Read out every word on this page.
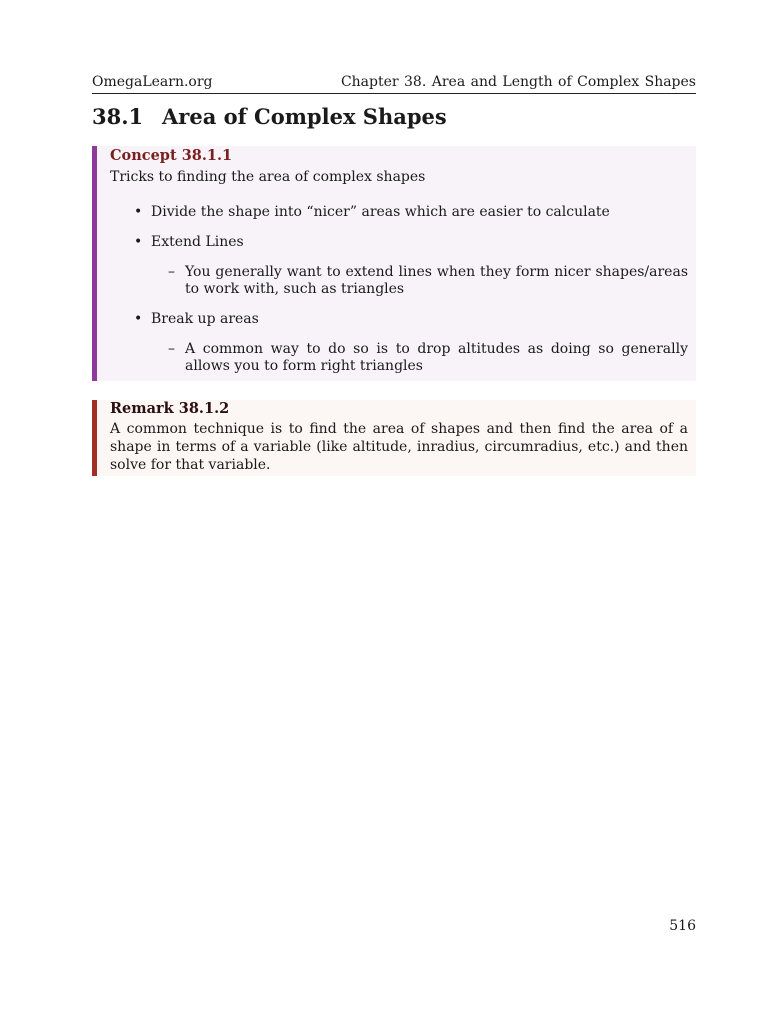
OmegaLearn.org	Chapter 38. Area and Length of Complex Shapes
38.1 Area of Complex Shapes
Concept 38.1.1
Tricks to finding the area of complex shapes
• Divide the shape into “nicer” areas which are easier to calculate
• Extend Lines
– You generally want to extend lines when they form nicer shapes/areas to work with, such as triangles
• Break up areas
– A common way to do so is to drop altitudes as doing so generally allows you to form right triangles
Remark 38.1.2
A common technique is to find the area of shapes and then find the area of a shape in terms of a variable (like altitude, inradius, circumradius, etc.) and then solve for that variable.
516
